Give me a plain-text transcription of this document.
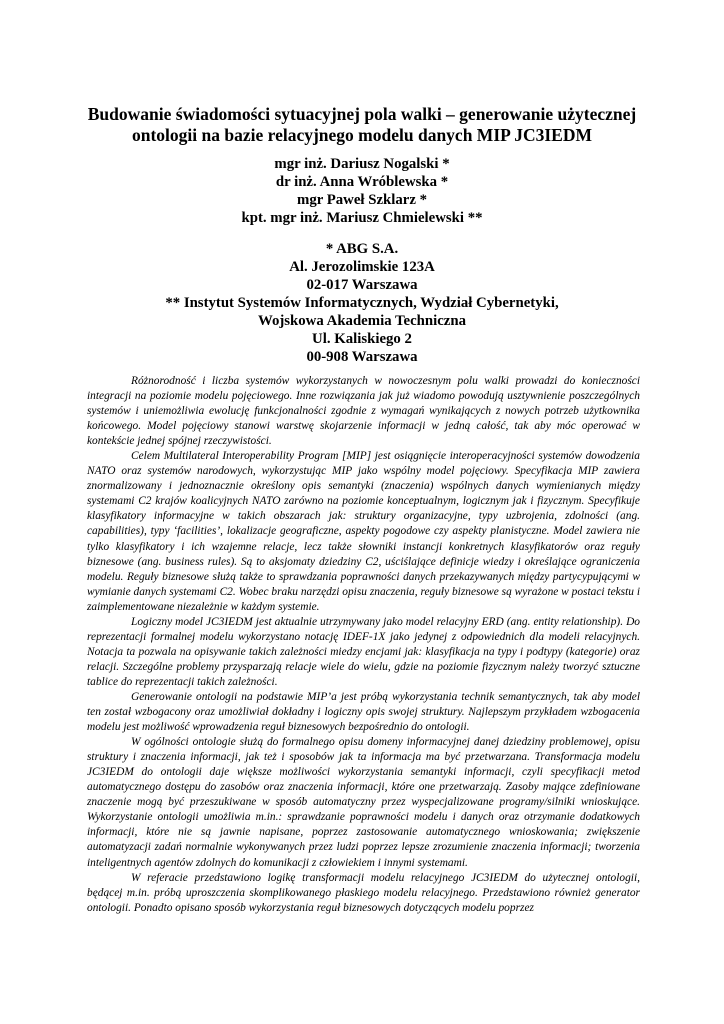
Budowanie świadomości sytuacyjnej pola walki – generowanie użytecznej
ontologii na bazie relacyjnego modelu danych MIP JC3IEDM
mgr inż. Dariusz Nogalski *
dr inż. Anna Wróblewska *
mgr Paweł Szklarz *
kpt. mgr inż. Mariusz Chmielewski **
* ABG S.A.
Al. Jerozolimskie 123A
02-017 Warszawa
** Instytut Systemów Informatycznych, Wydział Cybernetyki,
Wojskowa Akademia Techniczna
Ul. Kaliskiego 2
00-908 Warszawa

Różnorodność i liczba systemów wykorzystanych w nowoczesnym polu walki prowadzi do konieczności integracji na poziomie modelu pojęciowego. Inne rozwiązania jak już wiadomo powodują usztywnienie poszczególnych systemów i uniemożliwia ewolucję funkcjonalności zgodnie z wymagań wynikających z nowych potrzeb użytkownika końcowego. Model pojęciowy stanowi warstwę skojarzenie informacji w jedną całość, tak aby móc operować w kontekście jednej spójnej rzeczywistości.

Celem Multilateral Interoperability Program [MIP] jest osiągnięcie interoperacyjności systemów dowodzenia NATO oraz systemów narodowych, wykorzystując MIP jako wspólny model pojęciowy. Specyfikacja MIP zawiera znormalizowany i jednoznacznie określony opis semantyki (znaczenia) wspólnych danych wymienianych między systemami C2 krajów koalicyjnych NATO zarówno na poziomie konceptualnym, logicznym jak i fizycznym. Specyfikuje klasyfikatory informacyjne w takich obszarach jak: struktury organizacyjne, typy uzbrojenia, zdolności (ang. capabilities), typy ‘facilities’, lokalizacje geograficzne, aspekty pogodowe czy aspekty planistyczne. Model zawiera nie tylko klasyfikatory i ich wzajemne relacje, lecz także słowniki instancji konkretnych klasyfikatorów oraz reguły biznesowe (ang. business rules). Są to aksjomaty dziedziny C2, uściślające definicje wiedzy i określające ograniczenia modelu. Reguły biznesowe służą także to sprawdzania poprawności danych przekazywanych między partycypującymi w wymianie danych systemami C2. Wobec braku narzędzi opisu znaczenia, reguły biznesowe są wyrażone w postaci tekstu i zaimplementowane niezależnie w każdym systemie.

Logiczny model JC3IEDM jest aktualnie utrzymywany jako model relacyjny ERD (ang. entity relationship). Do reprezentacji formalnej modelu wykorzystano notację IDEF-1X jako jedynej z odpowiednich dla modeli relacyjnych. Notacja ta pozwala na opisywanie takich zależności miedzy encjami jak: klasyfikacja na typy i podtypy (kategorie) oraz relacji. Szczególne problemy przysparzają relacje wiele do wielu, gdzie na poziomie fizycznym należy tworzyć sztuczne tablice do reprezentacji takich zależności.

Generowanie ontologii na podstawie MIP’a jest próbą wykorzystania technik semantycznych, tak aby model ten został wzbogacony oraz umożliwiał dokładny i logiczny opis swojej struktury. Najlepszym przykładem wzbogacenia modelu jest możliwość wprowadzenia reguł biznesowych bezpośrednio do ontologii.

W ogólności ontologie służą do formalnego opisu domeny informacyjnej danej dziedziny problemowej, opisu struktury i znaczenia informacji, jak też i sposobów jak ta informacja ma być przetwarzana. Transformacja modelu JC3IEDM do ontologii daje większe możliwości wykorzystania semantyki informacji, czyli specyfikacji metod automatycznego dostępu do zasobów oraz znaczenia informacji, które one przetwarzają. Zasoby mające zdefiniowane znaczenie mogą być przeszukiwane w sposób automatyczny przez wyspecjalizowane programy/silniki wnioskujące. Wykorzystanie ontologii umożliwia m.in.: sprawdzanie poprawności modelu i danych oraz otrzymanie dodatkowych informacji, które nie są jawnie napisane, poprzez zastosowanie automatycznego wnioskowania; zwiększenie automatyzacji zadań normalnie wykonywanych przez ludzi poprzez lepsze zrozumienie znaczenia informacji; tworzenia inteligentnych agentów zdolnych do komunikacji z człowiekiem i innymi systemami.

W referacie przedstawiono logikę transformacji modelu relacyjnego JC3IEDM do użytecznej ontologii, będącej m.in. próbą uproszczenia skomplikowanego płaskiego modelu relacyjnego. Przedstawiono również generator ontologii. Ponadto opisano sposób wykorzystania reguł biznesowych dotyczących modelu poprzez
